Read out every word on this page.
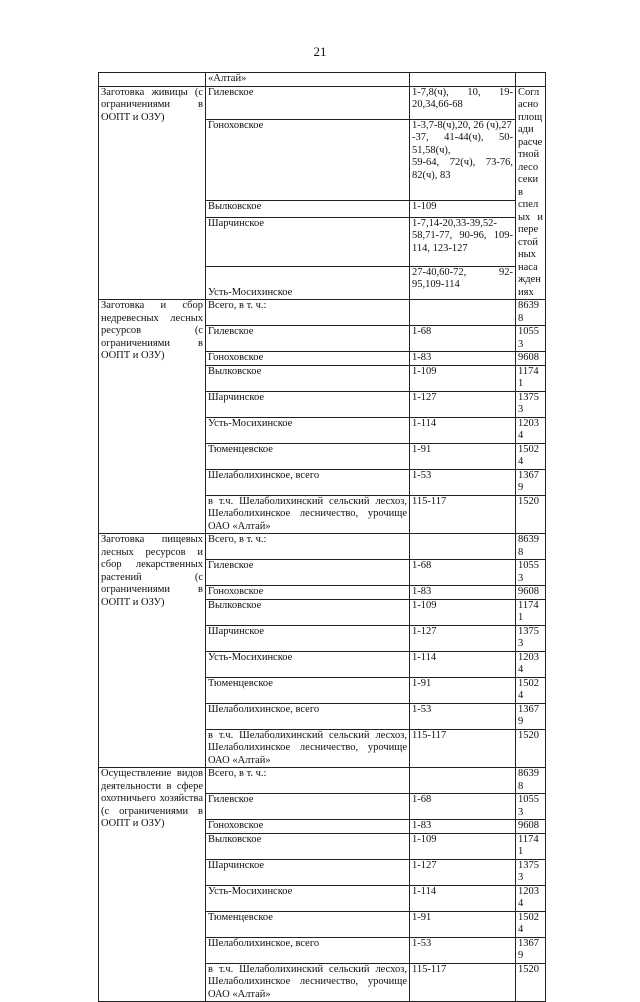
21
	«Алтай»		
Заготовка живицы (с ограничениями в ООПТ и ОЗУ)	Гилевское	1-7,8(ч), 10, 19-20,34,66-68	Согласно площади расчетной лесосеки в спелых и перестойных насаждениях
	Гоноховское	1-3,7-8(ч),20, 26 (ч),27
-37, 41-44(ч), 50-51,58(ч),
59-64, 72(ч), 73-76, 82(ч), 83	
	Вылковское	1-109	
	Шарчинское	1-7,14-20,33-39,52-58,71-77, 90-96, 109-114, 123-127	
	Усть-Мосихинское	27-40,60-72, 92-95,109-114	
Заготовка и сбор недревесных лесных ресурсов (с ограничениями в ООПТ и ОЗУ)	Всего, в т. ч.:		86398
	Гилевское	1-68	10553
	Гоноховское	1-83	9608
	Вылковское	1-109	11741
	Шарчинское	1-127	13753
	Усть-Мосихинское	1-114	12034
	Тюменцевское	1-91	15024
	Шелаболихинское, всего	1-53	13679
	в т.ч. Шелаболихинский сельский лесхоз, Шелаболихинское лесничество, урочище ОАО «Алтай»	115-117	1520
Заготовка пищевых лесных ресурсов и сбор лекарственных растений (с ограничениями в ООПТ и ОЗУ)	Всего, в т. ч.:		86398
	Гилевское	1-68	10553
	Гоноховское	1-83	9608
	Вылковское	1-109	11741
	Шарчинское	1-127	13753
	Усть-Мосихинское	1-114	12034
	Тюменцевское	1-91	15024
	Шелаболихинское, всего	1-53	13679
	в т.ч. Шелаболихинский сельский лесхоз, Шелаболихинское лесничество, урочище ОАО «Алтай»	115-117	1520
Осуществление видов деятельности в сфере охотничьего хозяйства (с ограничениями в ООПТ и ОЗУ)	Всего, в т. ч.:		86398
	Гилевское	1-68	10553
	Гоноховское	1-83	9608
	Вылковское	1-109	11741
	Шарчинское	1-127	13753
	Усть-Мосихинское	1-114	12034
	Тюменцевское	1-91	15024
	Шелаболихинское, всего	1-53	13679
	в т.ч. Шелаболихинский сельский лесхоз, Шелаболихинское лесничество, урочище ОАО «Алтай»	115-117	1520
